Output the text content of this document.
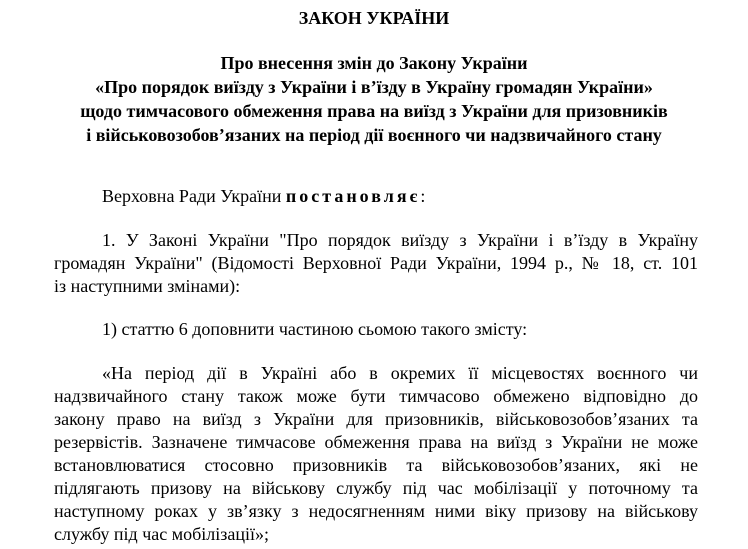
ЗАКОН УКРАЇНИ
Про внесення змін до Закону України
«Про порядок виїзду з України і в’їзду в Україну громадян України»
щодо тимчасового обмеження права на виїзд з України для призовників
і військовозобов’язаних на період дії воєнного чи надзвичайного стану
Верховна Ради України постановляє:
1. У Законі України "Про порядок виїзду з України і в’їзду в Україну
громадян України" (Відомості Верховної Ради України, 1994 р., № 18, ст. 101
із наступними змінами):
1) статтю 6 доповнити частиною сьомою такого змісту:
«На період дії в Україні або в окремих її місцевостях воєнного чи
надзвичайного стану також може бути тимчасово обмежено відповідно до
закону право на виїзд з України для призовників, військовозобов’язаних та
резервістів. Зазначене тимчасове обмеження права на виїзд з України не може
встановлюватися стосовно призовників та військовозобов’язаних, які не
підлягають призову на військову службу під час мобілізації у поточному та
наступному роках у зв’язку з недосягненням ними віку призову на військову
службу під час мобілізації»;
